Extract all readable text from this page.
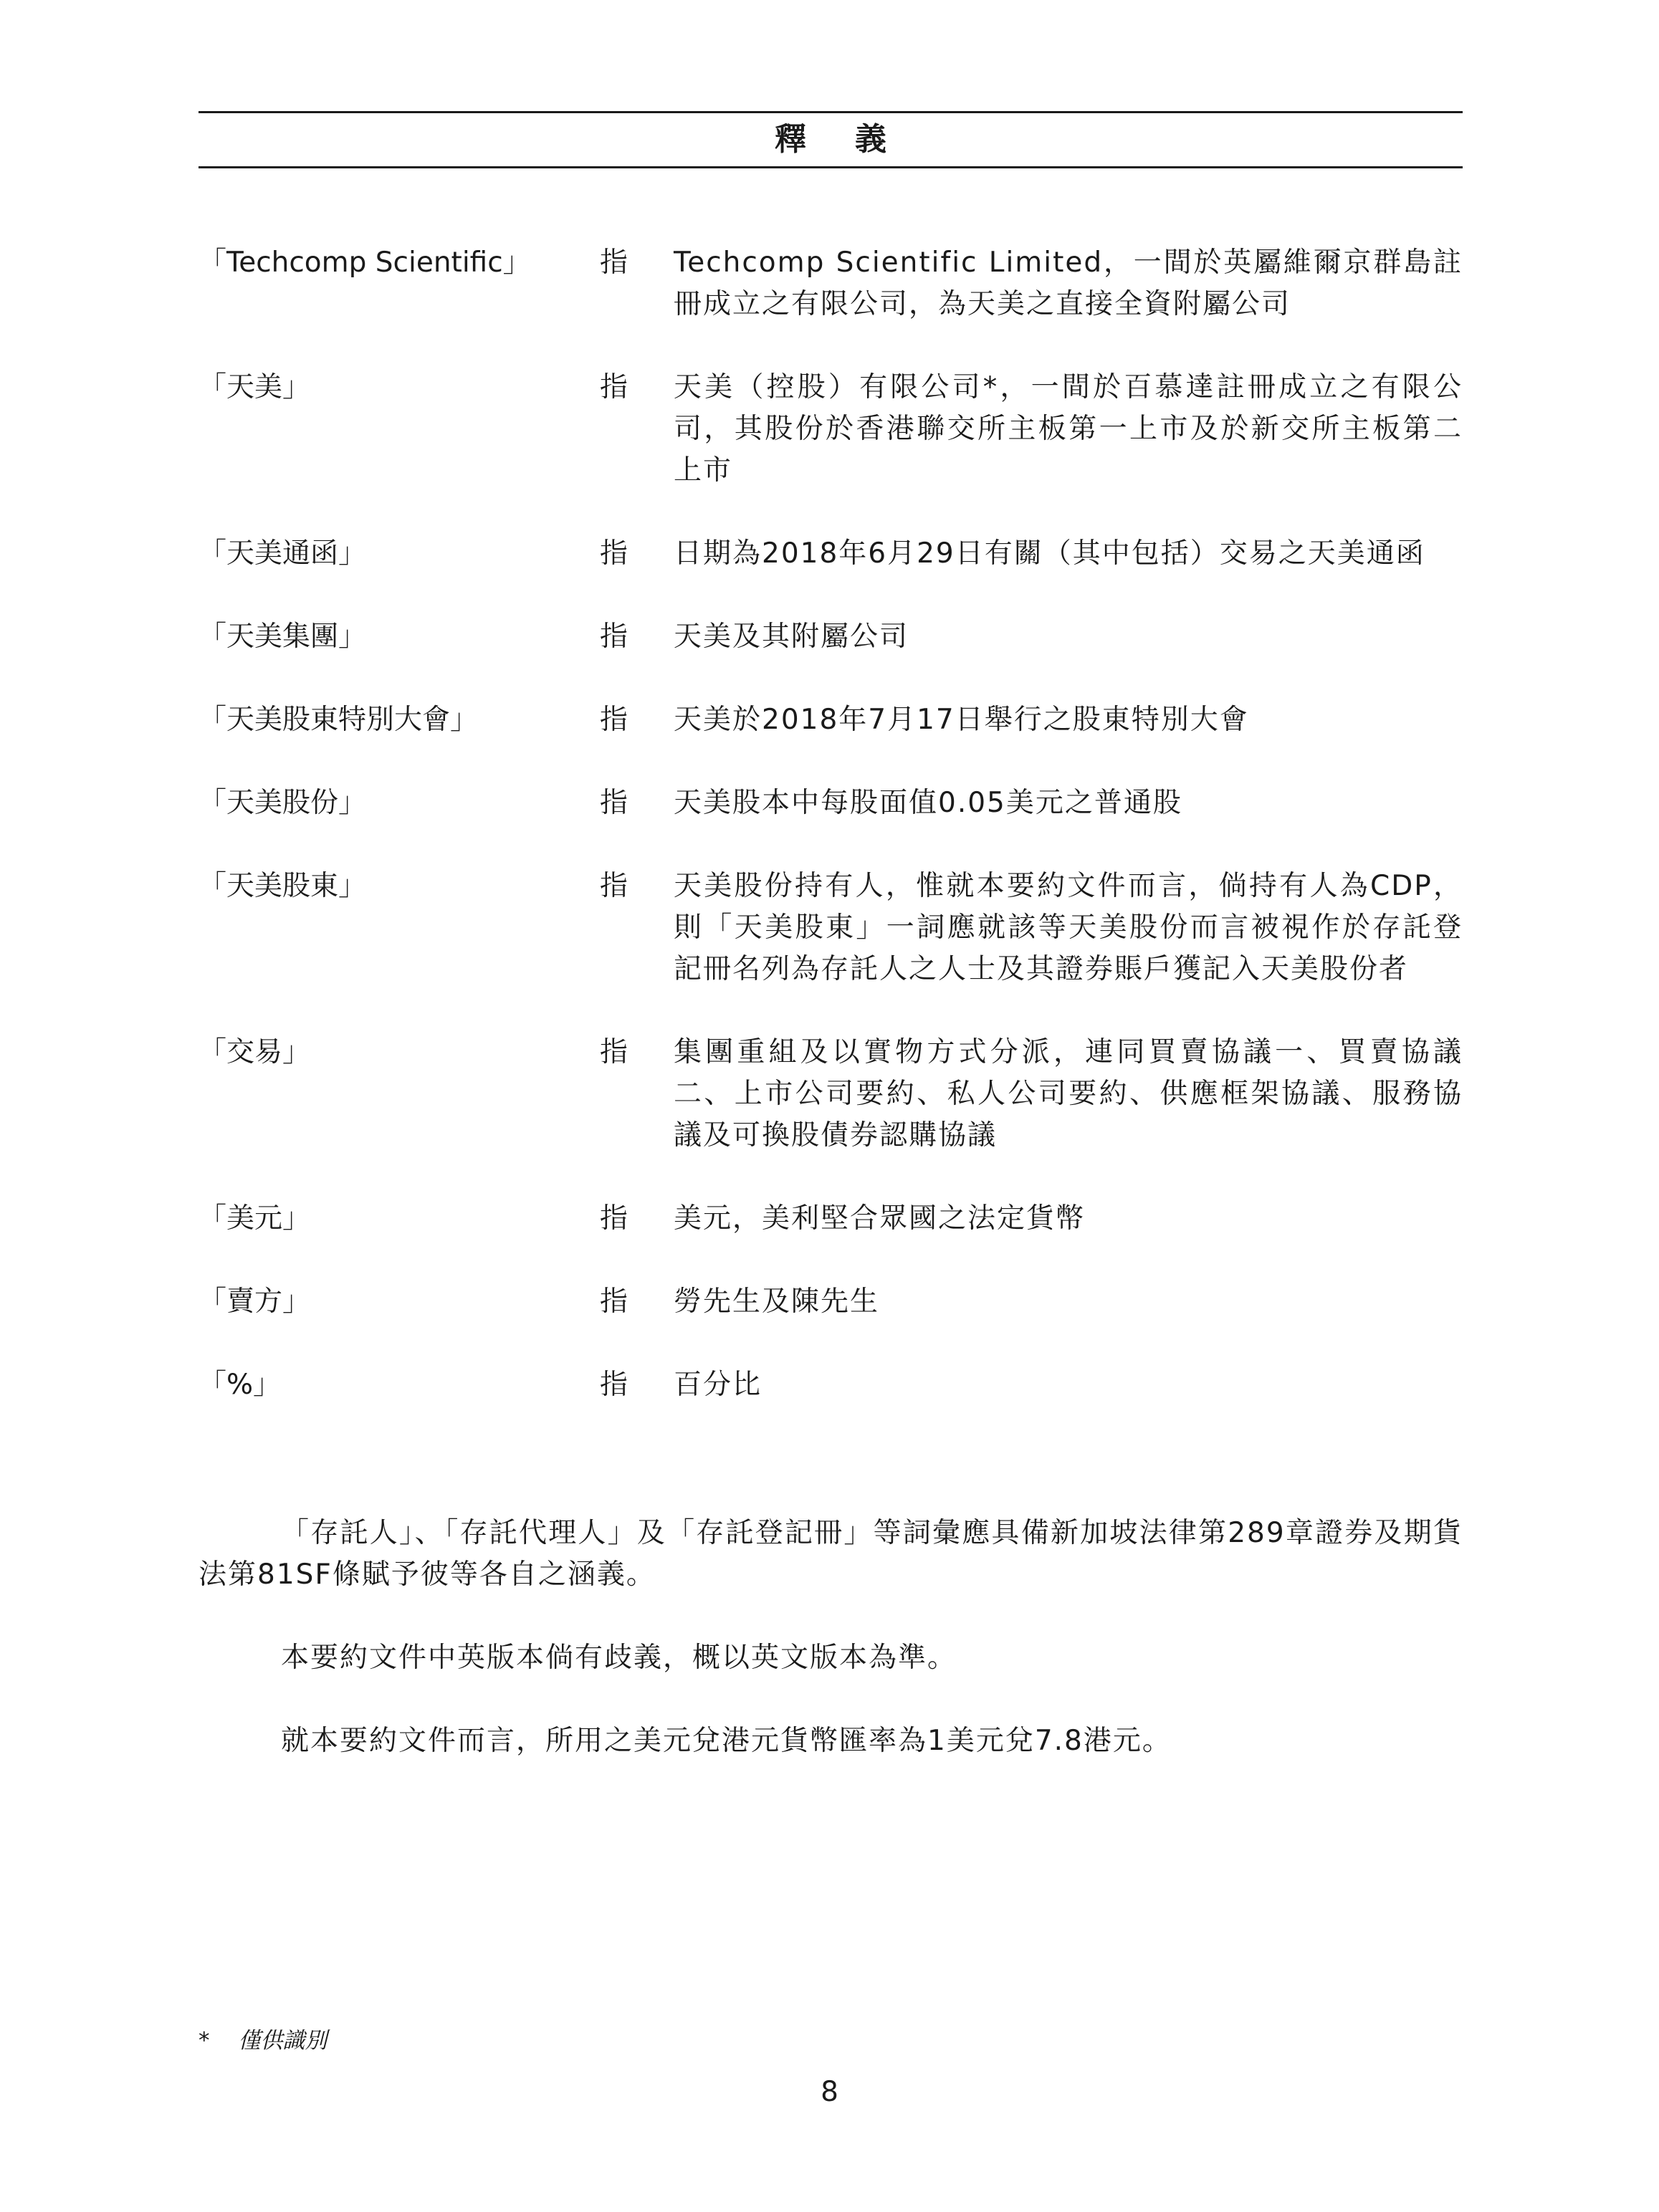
釋義
「Techcomp Scientific」 指 Techcomp Scientific Limited，一間於英屬維爾京群島註冊成立之有限公司，為天美之直接全資附屬公司
「天美」	指 天美（控股）有限公司*，一間於百慕達註冊成立之有限公司，其股份於香港聯交所主板第一上市及於新交所主板第二上市
「天美通函」	指 日期為2018年6月29日有關（其中包括）交易之天美通函
「天美集團」	指 天美及其附屬公司
「天美股東特別大會」	指 天美於2018年7月17日舉行之股東特別大會
「天美股份」	指 天美股本中每股面值0.05美元之普通股
「天美股東」	指 天美股份持有人，惟就本要約文件而言，倘持有人為CDP，則「天美股東」一詞應就該等天美股份而言被視作於存託登記冊名列為存託人之人士及其證券賬戶獲記入天美股份者
「交易」	指 集團重組及以實物方式分派，連同買賣協議一、買賣協議二、上市公司要約、私人公司要約、供應框架協議、服務協議及可換股債券認購協議
「美元」	指 美元，美利堅合眾國之法定貨幣
「賣方」	指 勞先生及陳先生
「%」	指 百分比

「存託人」、「存託代理人」及「存託登記冊」等詞彙應具備新加坡法律第289章證券及期貨法第81SF條賦予彼等各自之涵義。

本要約文件中英版本倘有歧義，概以英文版本為準。

就本要約文件而言，所用之美元兌港元貨幣匯率為1美元兌7.8港元。

* 僅供識別
8
